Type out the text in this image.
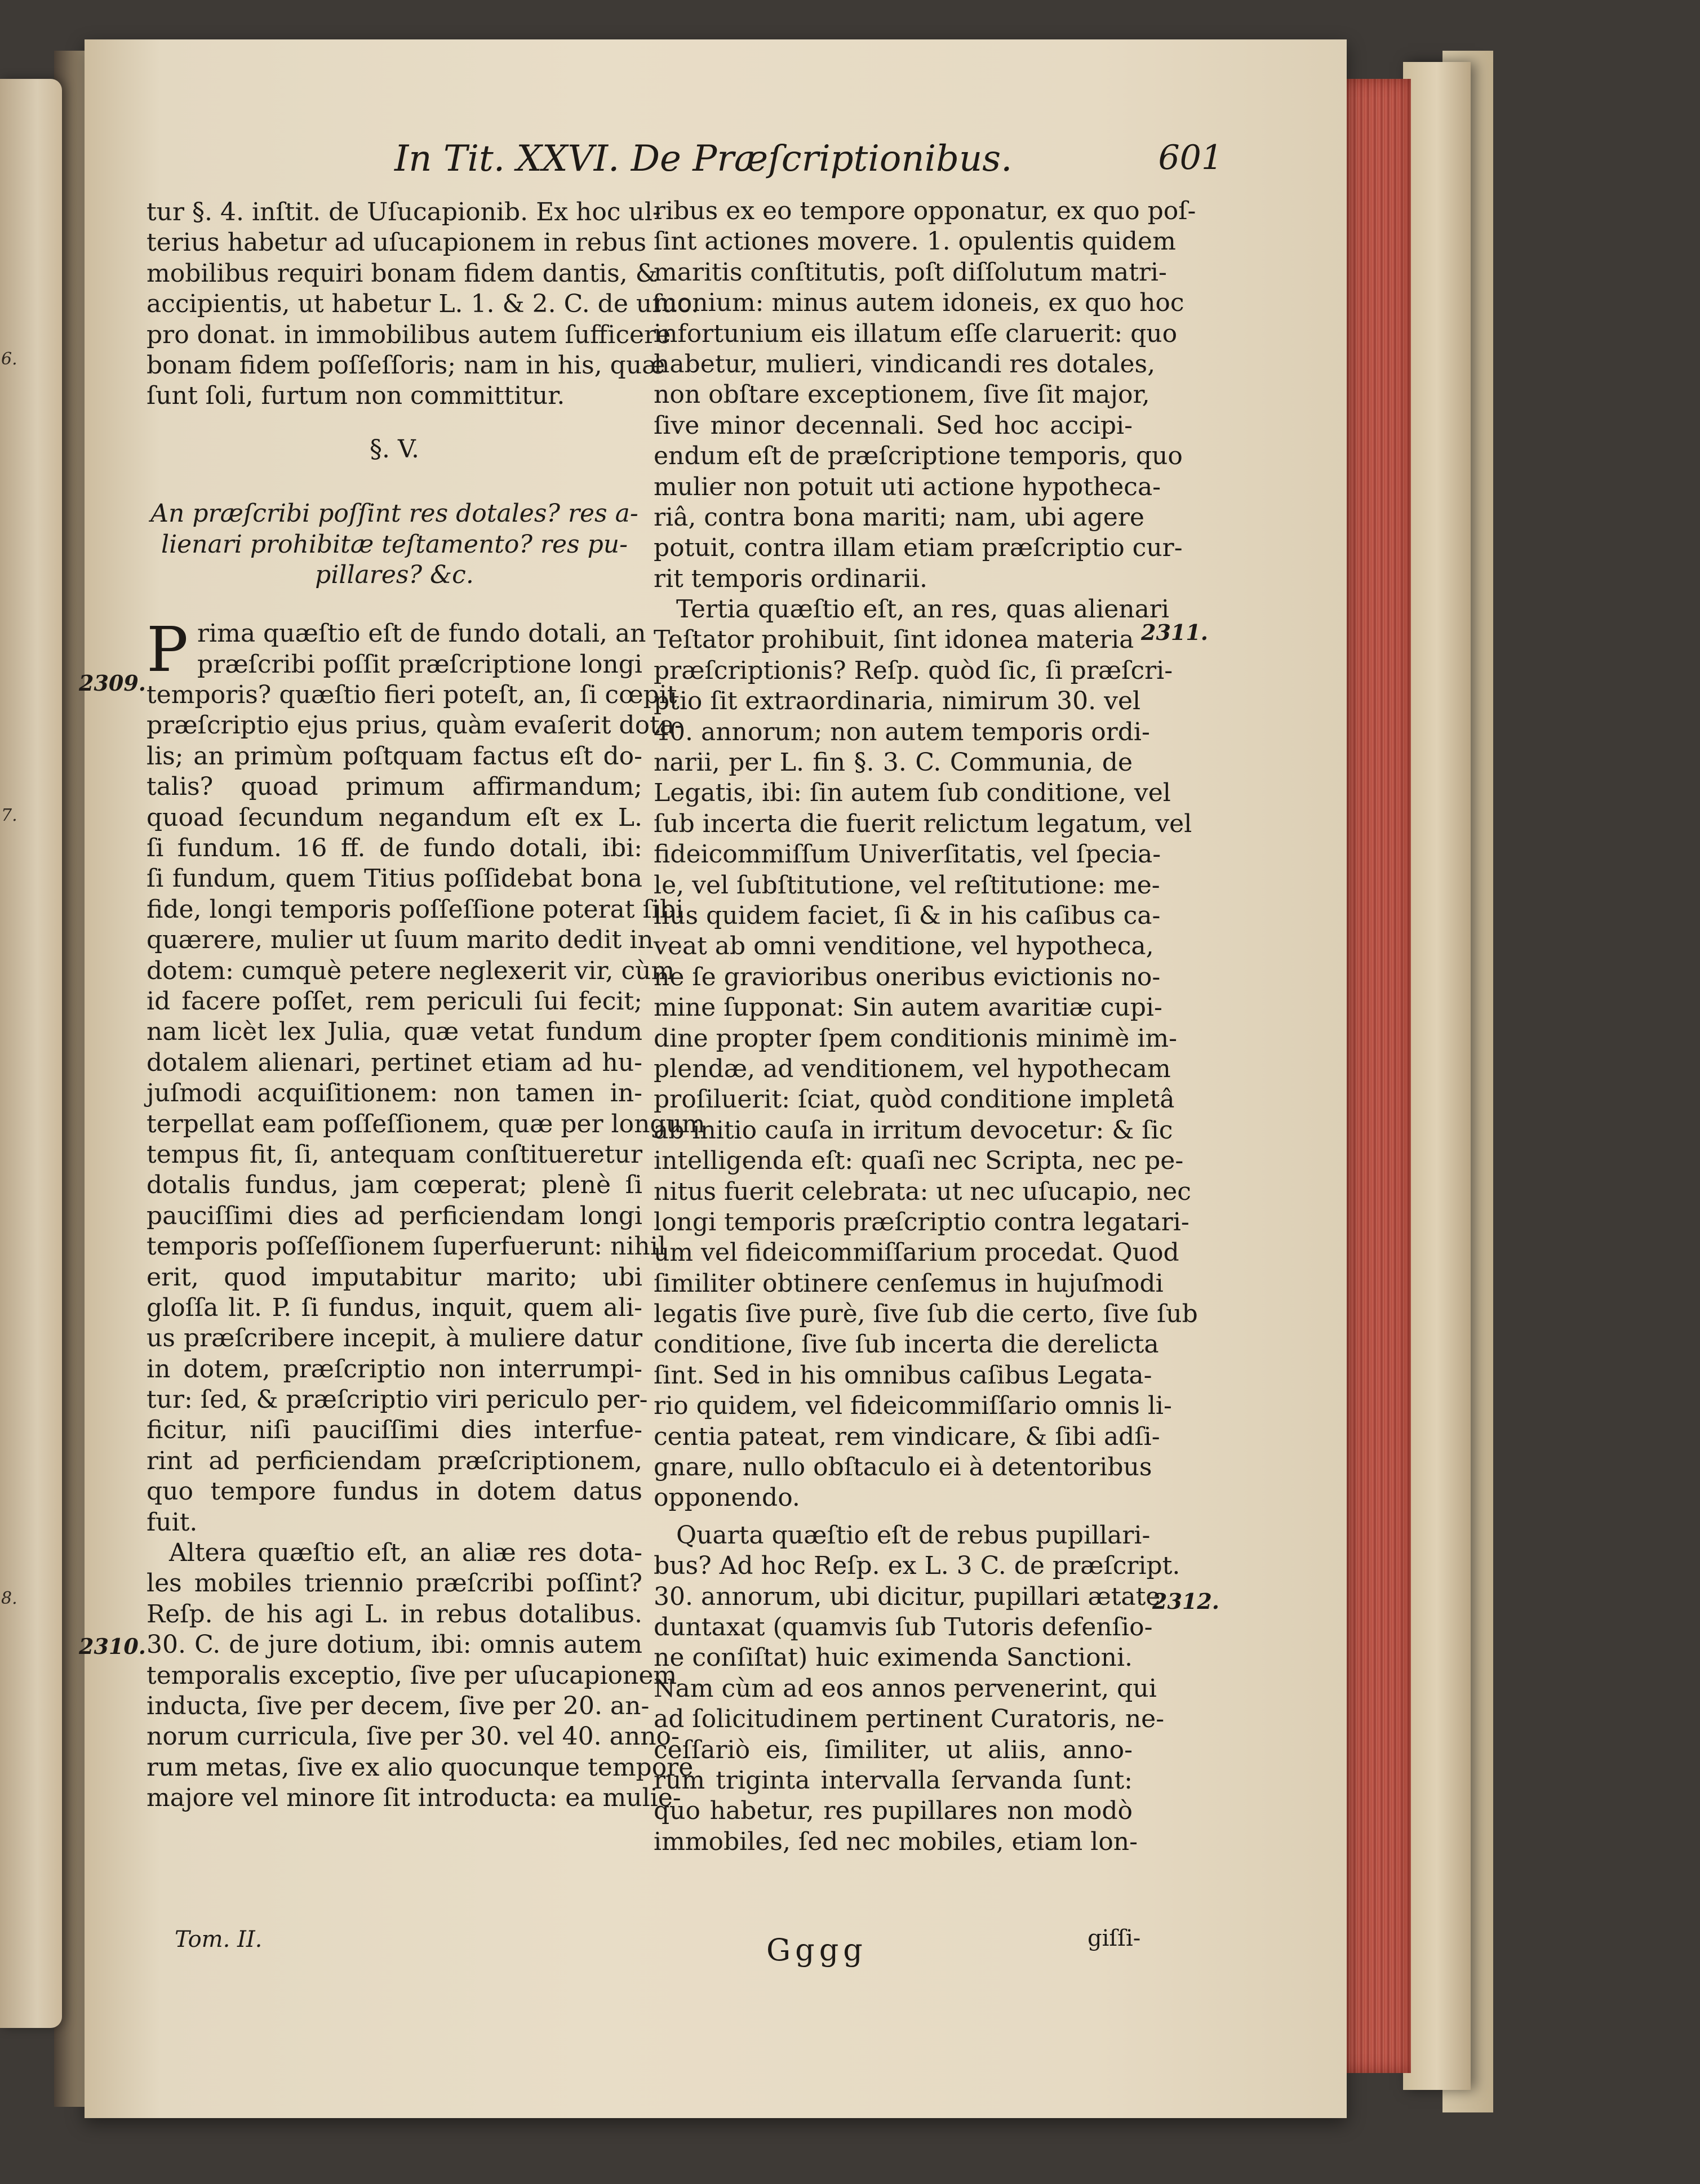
6.
7.
8.
In Tit. XXVI. De Præſcriptionibus.	601
tur §. 4. inſtit. de Uſucapionib. Ex hoc ul-
terius habetur ad uſucapionem in rebus
mobilibus requiri bonam fidem dantis, &
accipientis, ut habetur L. 1. & 2. C. de uſuc.
pro donat. in immobilibus autem ſufficere
bonam fidem poſſeſſoris; nam in his, quæ
ſunt ſoli, furtum non committitur.
§. V.
An præſcribi poſſint res dotales? res a-
lienari prohibitæ teſtamento? res pu-
pillares? &c.
P rima quæſtio eſt de fundo dotali, an
præſcribi poſſit præſcriptione longi
temporis? quæſtio fieri poteſt, an, ſi cœpit
præſcriptio ejus prius, quàm evaſerit dota-
lis; an primùm poſtquam factus eſt do-
talis? quoad primum affirmandum;
quoad ſecundum negandum eſt ex L.
ſi fundum. 16 ff. de fundo dotali, ibi:
ſi fundum, quem Titius poſſidebat bona
fide, longi temporis poſſeſſione poterat ſibi
quærere, mulier ut ſuum marito dedit in
dotem: cumquè petere neglexerit vir, cùm
id facere poſſet, rem periculi ſui fecit;
nam licèt lex Julia, quæ vetat fundum
dotalem alienari, pertinet etiam ad hu-
juſmodi acquiſitionem: non tamen in-
terpellat eam poſſeſſionem, quæ per longum
tempus fit, ſi, antequam conſtitueretur
dotalis fundus, jam cœperat; plenè ſi
pauciſſimi dies ad perficiendam longi
temporis poſſeſſionem ſuperfuerunt: nihil
erit, quod imputabitur marito; ubi
gloſſa lit. P. ſi fundus, inquit, quem ali-
us præſcribere incepit, à muliere datur
in dotem, præſcriptio non interrumpi-
tur: ſed, & præſcriptio viri periculo per-
ficitur, niſi pauciſſimi dies interfue-
rint ad perficiendam præſcriptionem,
quo tempore fundus in dotem datus
fuit.
Altera quæſtio eſt, an aliæ res dota-
les mobiles triennio præſcribi poſſint?
Reſp. de his agi L. in rebus dotalibus.
30. C. de jure dotium, ibi: omnis autem
temporalis exceptio, ſive per uſucapionem
inducta, ſive per decem, ſive per 20. an-
norum curricula, ſive per 30. vel 40. anno-
rum metas, ſive ex alio quocunque tempore
majore vel minore ſit introducta: ea mulie-
ribus ex eo tempore opponatur, ex quo poſ-
ſint actiones movere. 1. opulentis quidem
maritis conſtitutis, poſt diſſolutum matri-
monium: minus autem idoneis, ex quo hoc
infortunium eis illatum eſſe claruerit: quo
habetur, mulieri, vindicandi res dotales,
non obſtare exceptionem, ſive ſit major,
ſive minor decennali. Sed hoc accipi-
endum eſt de præſcriptione temporis, quo
mulier non potuit uti actione hypotheca-
riâ, contra bona mariti; nam, ubi agere
potuit, contra illam etiam præſcriptio cur-
rit temporis ordinarii.
Tertia quæſtio eſt, an res, quas alienari
Teſtator prohibuit, ſint idonea materia
præſcriptionis? Reſp. quòd ſic, ſi præſcri-
ptio ſit extraordinaria, nimirum 30. vel
40. annorum; non autem temporis ordi-
narii, per L. fin §. 3. C. Communia, de
Legatis, ibi: ſin autem ſub conditione, vel
ſub incerta die fuerit relictum legatum, vel
fideicommiſſum Univerſitatis, vel ſpecia-
le, vel ſubſtitutione, vel reſtitutione: me-
lius quidem faciet, ſi & in his caſibus ca-
veat ab omni venditione, vel hypotheca,
ne ſe gravioribus oneribus evictionis no-
mine ſupponat: Sin autem avaritiæ cupi-
dine propter ſpem conditionis minimè im-
plendæ, ad venditionem, vel hypothecam
proſiluerit: ſciat, quòd conditione impletâ
ab initio cauſa in irritum devocetur: & ſic
intelligenda eſt: quaſi nec Scripta, nec pe-
nitus fuerit celebrata: ut nec uſucapio, nec
longi temporis præſcriptio contra legatari-
um vel fideicommiſſarium procedat. Quod
ſimiliter obtinere cenſemus in hujuſmodi
legatis ſive purè, ſive ſub die certo, ſive ſub
conditione, ſive ſub incerta die derelicta
ſint. Sed in his omnibus caſibus Legata-
rio quidem, vel fideicommiſſario omnis li-
centia pateat, rem vindicare, & ſibi adſi-
gnare, nullo obſtaculo ei à detentoribus
opponendo.
Quarta quæſtio eſt de rebus pupillari-
bus? Ad hoc Reſp. ex L. 3 C. de præſcript.
30. annorum, ubi dicitur, pupillari ætate
duntaxat (quamvis ſub Tutoris defenſio-
ne conſiſtat) huic eximenda Sanctioni.
Nam cùm ad eos annos pervenerint, qui
ad ſolicitudinem pertinent Curatoris, ne-
ceſſariò eis, ſimiliter, ut aliis, anno-
rum triginta intervalla ſervanda ſunt:
quo habetur, res pupillares non modò
immobiles, ſed nec mobiles, etiam lon-
2309.
2310.
2311.
2312.
Tom. II.	Gggg	giſſi-
